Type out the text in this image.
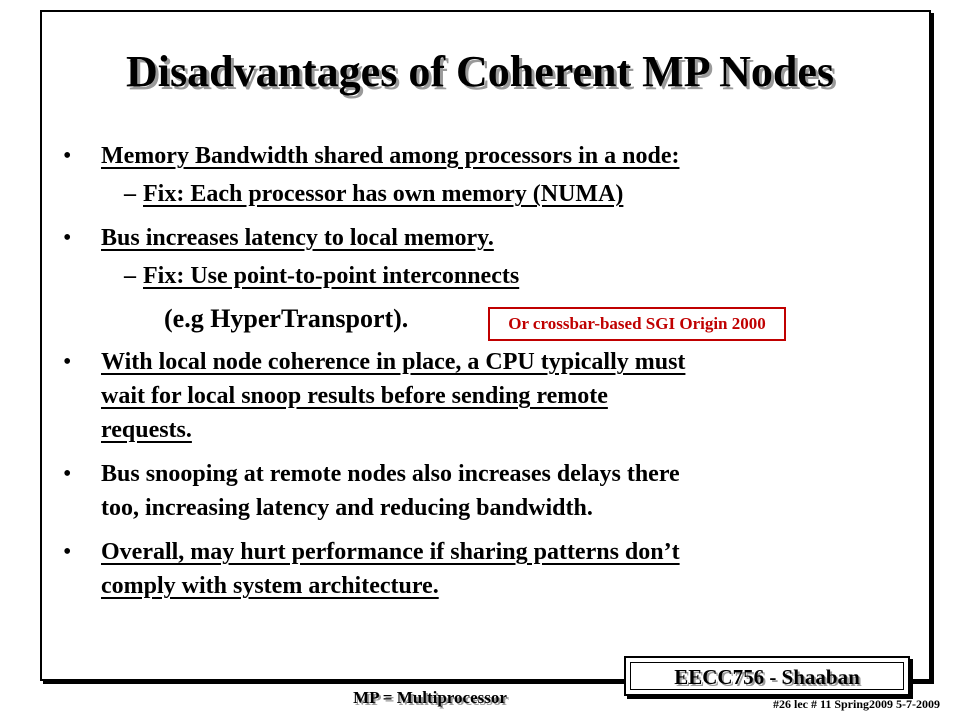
Disadvantages of Coherent MP Nodes
• Memory Bandwidth shared among processors in a node:
– Fix: Each processor has own memory (NUMA)
• Bus increases latency to local memory.
– Fix: Use point-to-point interconnects
(e.g HyperTransport).	Or crossbar-based SGI Origin 2000
• With local node coherence in place, a CPU typically must
wait for local snoop results before sending remote
requests.
• Bus snooping at remote nodes also increases delays there
too, increasing latency and reducing bandwidth.
• Overall, may hurt performance if sharing patterns don’t
comply with system architecture.
EECC756 - Shaaban
MP = Multiprocessor	#26 lec # 11 Spring2009 5-7-2009
